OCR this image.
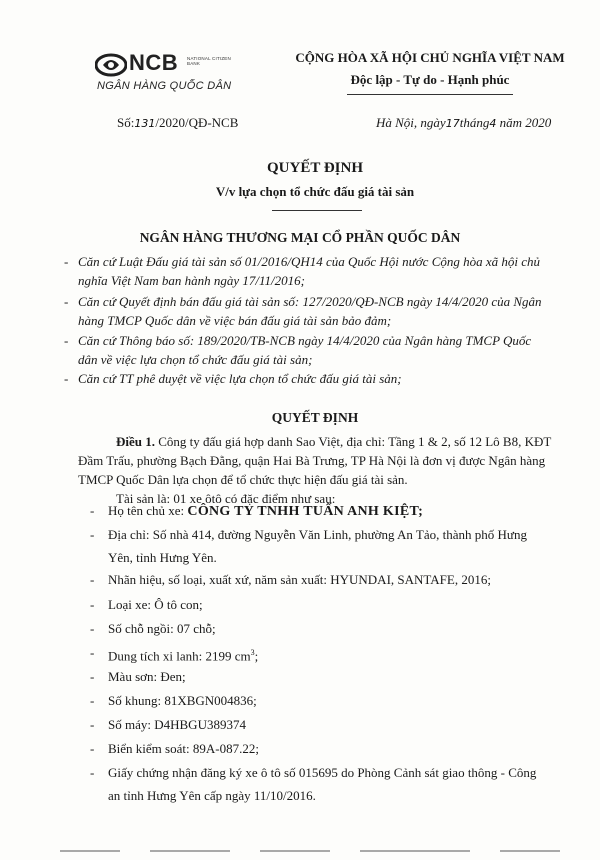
NCB NATIONAL CITIZEN BANK
NGÂN HÀNG QUỐC DÂN
CỘNG HÒA XÃ HỘI CHỦ NGHĨA VIỆT NAM
Độc lập - Tự do - Hạnh phúc
Số:131/2020/QĐ-NCB	Hà Nội, ngày17tháng4 năm 2020
QUYẾT ĐỊNH
V/v lựa chọn tổ chức đấu giá tài sản
NGÂN HÀNG THƯƠNG MẠI CỔ PHẦN QUỐC DÂN
- Căn cứ Luật Đấu giá tài sản số 01/2016/QH14 của Quốc Hội nước Cộng hòa xã hội chủ
nghĩa Việt Nam ban hành ngày 17/11/2016;
- Căn cứ Quyết định bán đấu giá tài sản số: 127/2020/QĐ-NCB ngày 14/4/2020 của Ngân
hàng TMCP Quốc dân về việc bán đấu giá tài sản bảo đảm;
- Căn cứ Thông báo số: 189/2020/TB-NCB ngày 14/4/2020 của Ngân hàng TMCP Quốc
dân về việc lựa chọn tổ chức đấu giá tài sản;
- Căn cứ TT phê duyệt về việc lựa chọn tổ chức đấu giá tài sản;
QUYẾT ĐỊNH
Điều 1. Công ty đấu giá hợp danh Sao Việt, địa chỉ: Tầng 1 & 2, số 12 Lô B8, KĐT
Đầm Trấu, phường Bạch Đằng, quận Hai Bà Trưng, TP Hà Nội là đơn vị được Ngân hàng
TMCP Quốc Dân lựa chọn để tổ chức thực hiện đấu giá tài sản.
Tài sản là: 01 xe ôtô có đặc điểm như sau:
- Họ tên chủ xe: CÔNG TY TNHH TUẤN ANH KIỆT;
- Địa chỉ: Số nhà 414, đường Nguyễn Văn Linh, phường An Tảo, thành phố Hưng
Yên, tỉnh Hưng Yên.
- Nhãn hiệu, số loại, xuất xứ, năm sản xuất: HYUNDAI, SANTAFE, 2016;
- Loại xe: Ô tô con;
- Số chỗ ngồi: 07 chỗ;
- Dung tích xi lanh: 2199 $cm^3$;
- Màu sơn: Đen;
- Số khung: 81XBGN004836;
- Số máy: D4HBGU389374
- Biển kiểm soát: 89A-087.22;
- Giấy chứng nhận đăng ký xe ô tô số 015695 do Phòng Cảnh sát giao thông - Công
an tỉnh Hưng Yên cấp ngày 11/10/2016.
